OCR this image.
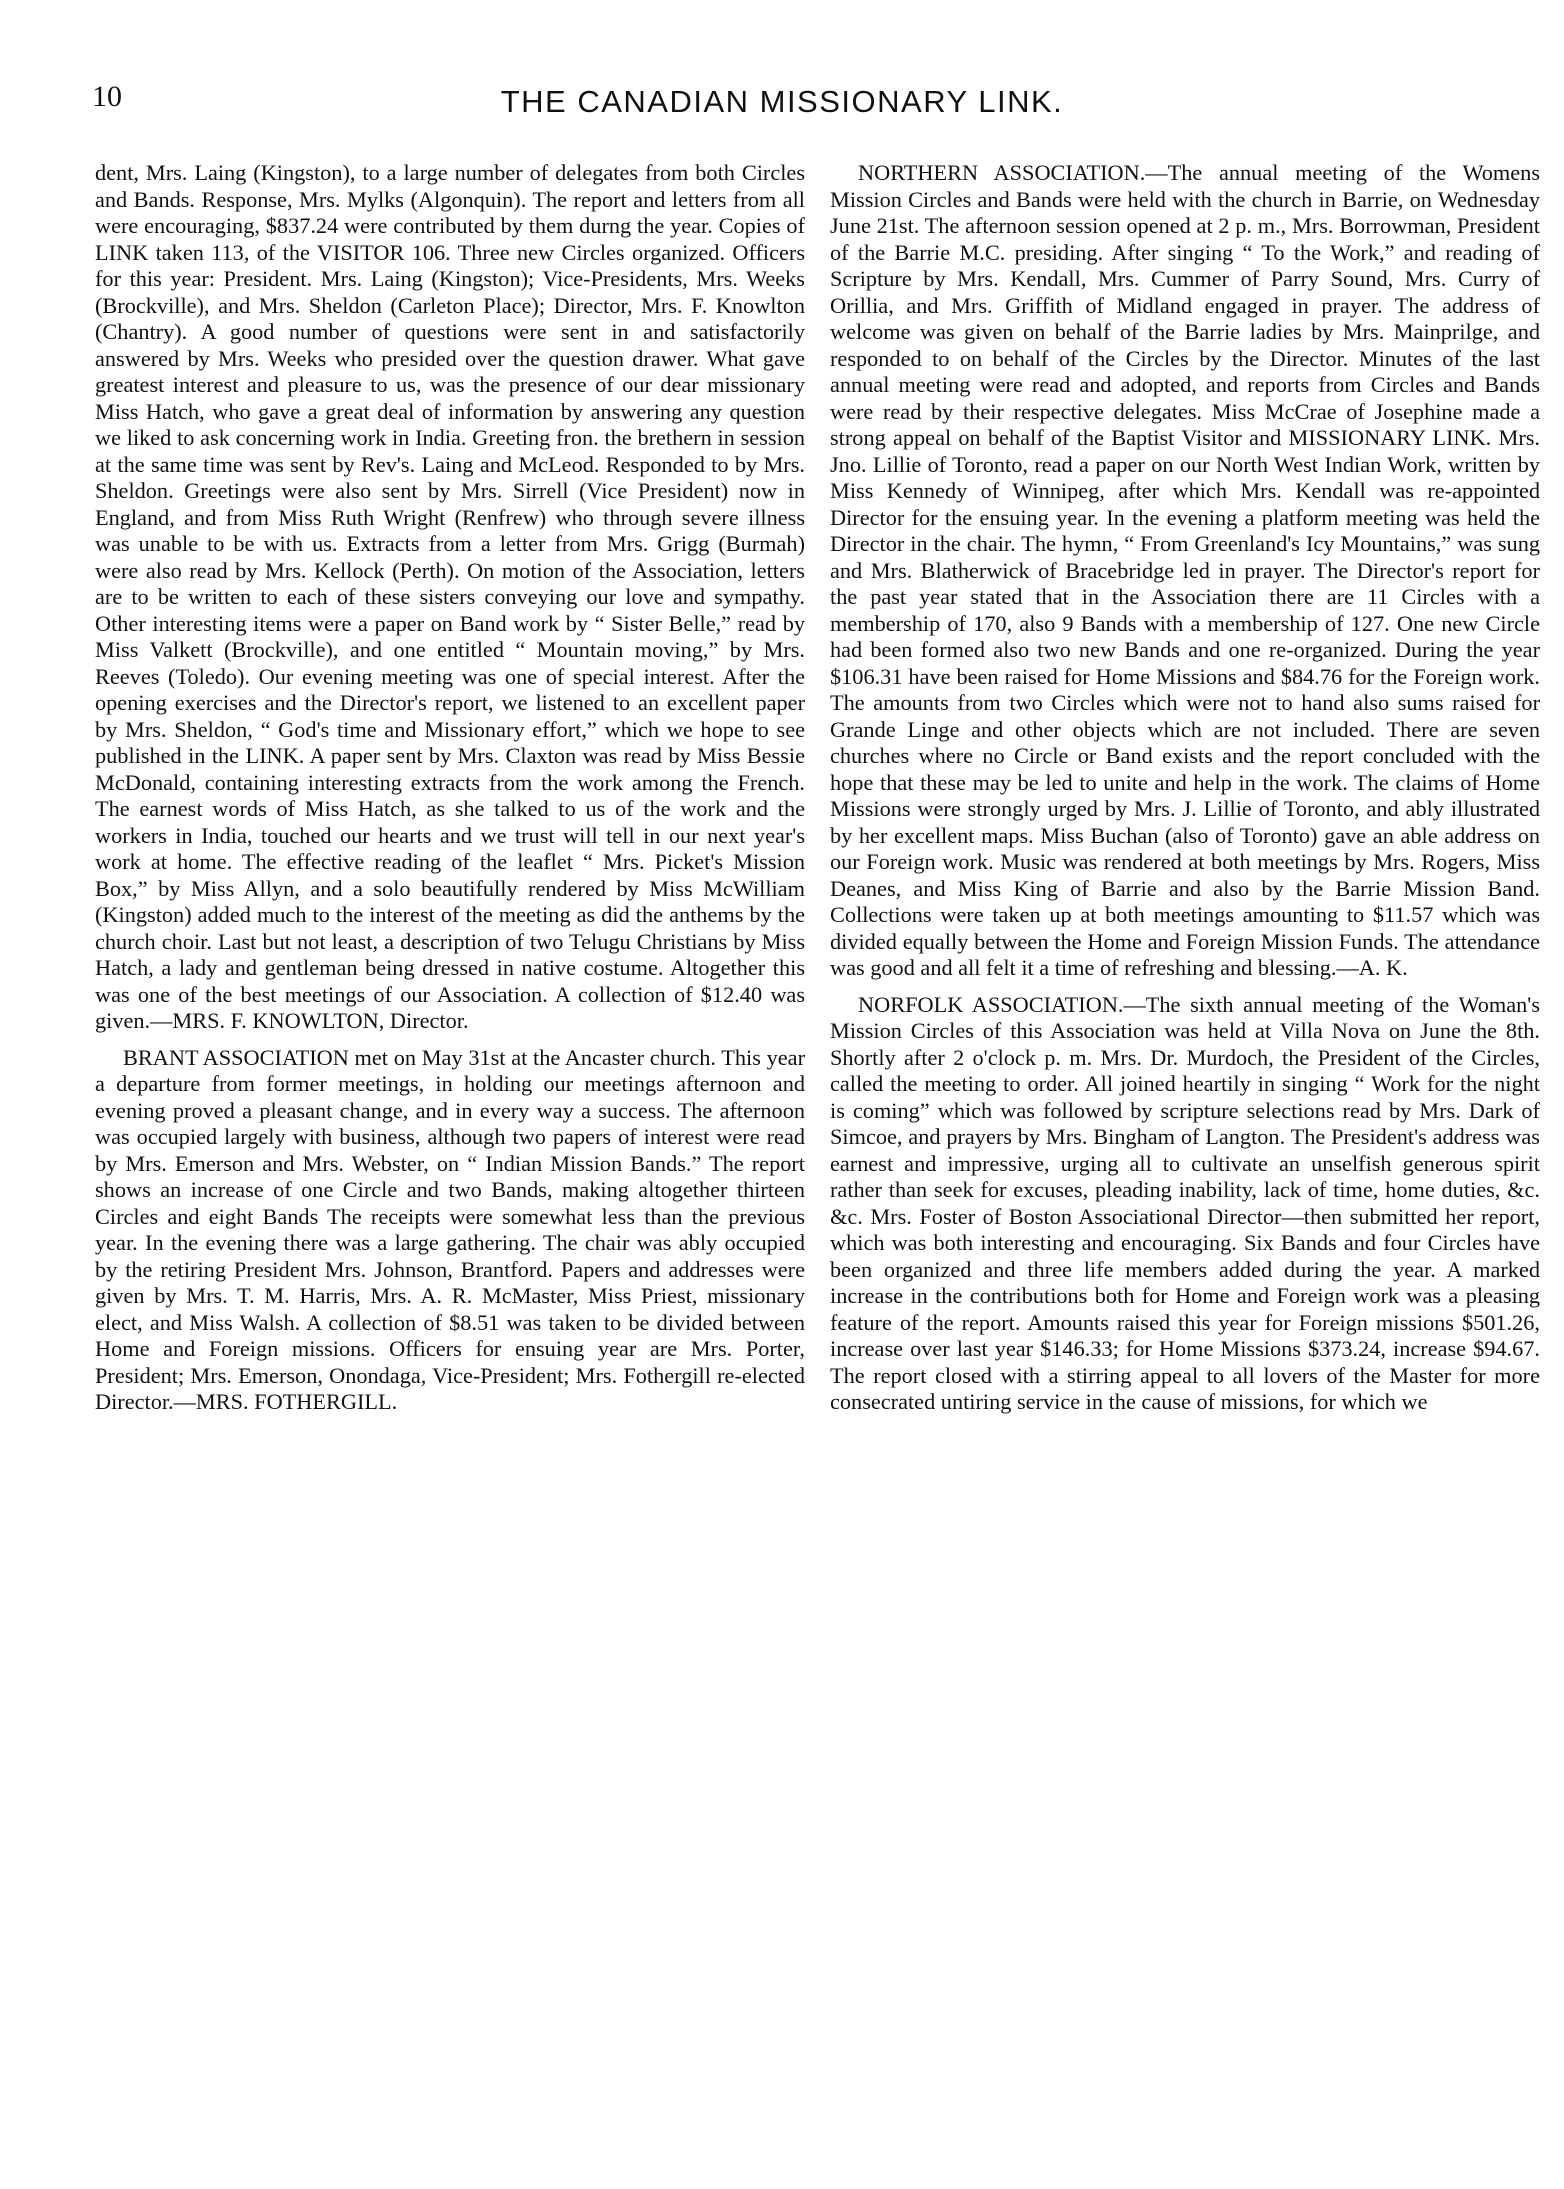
10	THE CANADIAN MISSIONARY LINK.

dent, Mrs. Laing (Kingston), to a large number of delegates from both Circles and Bands. Response, Mrs. Mylks (Algonquin). The report and letters from all were encouraging, $837.24 were contributed by them durng the year. Copies of LINK taken 113, of the VISITOR 106. Three new Circles organized. Officers for this year: President. Mrs. Laing (Kingston); Vice-Presidents, Mrs. Weeks (Brockville), and Mrs. Sheldon (Carleton Place); Director, Mrs. F. Knowlton (Chantry). A good number of questions were sent in and satisfactorily answered by Mrs. Weeks who presided over the question drawer. What gave greatest interest and pleasure to us, was the presence of our dear missionary Miss Hatch, who gave a great deal of information by answering any question we liked to ask concerning work in India. Greeting fron. the brethern in session at the same time was sent by Rev's. Laing and McLeod. Responded to by Mrs. Sheldon. Greetings were also sent by Mrs. Sirrell (Vice President) now in England, and from Miss Ruth Wright (Renfrew) who through severe illness was unable to be with us. Extracts from a letter from Mrs. Grigg (Burmah) were also read by Mrs. Kellock (Perth). On motion of the Association, letters are to be written to each of these sisters conveying our love and sympathy. Other interesting items were a paper on Band work by “ Sister Belle,” read by Miss Valkett (Brockville), and one entitled “ Mountain moving,” by Mrs. Reeves (Toledo). Our evening meeting was one of special interest. After the opening exercises and the Director's report, we listened to an excellent paper by Mrs. Sheldon, “ God's time and Missionary effort,” which we hope to see published in the LINK. A paper sent by Mrs. Claxton was read by Miss Bessie McDonald, containing interesting extracts from the work among the French. The earnest words of Miss Hatch, as she talked to us of the work and the workers in India, touched our hearts and we trust will tell in our next year's work at home. The effective reading of the leaflet “ Mrs. Picket's Mission Box,” by Miss Allyn, and a solo beautifully rendered by Miss McWilliam (Kingston) added much to the interest of the meeting as did the anthems by the church choir. Last but not least, a description of two Telugu Christians by Miss Hatch, a lady and gentleman being dressed in native costume. Altogether this was one of the best meetings of our Association. A collection of $12.40 was given.—MRS. F. KNOWLTON, Director.

BRANT ASSOCIATION met on May 31st at the Ancaster church. This year a departure from former meetings, in holding our meetings afternoon and evening proved a pleasant change, and in every way a success. The afternoon was occupied largely with business, although two papers of interest were read by Mrs. Emerson and Mrs. Webster, on “ Indian Mission Bands.” The report shows an increase of one Circle and two Bands, making altogether thirteen Circles and eight Bands The receipts were somewhat less than the previous year. In the evening there was a large gathering. The chair was ably occupied by the retiring President Mrs. Johnson, Brantford. Papers and addresses were given by Mrs. T. M. Harris, Mrs. A. R. McMaster, Miss Priest, missionary elect, and Miss Walsh. A collection of $8.51 was taken to be divided between Home and Foreign missions. Officers for ensuing year are Mrs. Porter, President; Mrs. Emerson, Onondaga, Vice-President; Mrs. Fothergill re-elected Director.—MRS. FOTHERGILL.

NORTHERN ASSOCIATION.—The annual meeting of the Womens Mission Circles and Bands were held with the church in Barrie, on Wednesday June 21st. The afternoon session opened at 2 p. m., Mrs. Borrowman, President of the Barrie M.C. presiding. After singing “ To the Work,” and reading of Scripture by Mrs. Kendall, Mrs. Cummer of Parry Sound, Mrs. Curry of Orillia, and Mrs. Griffith of Midland engaged in prayer. The address of welcome was given on behalf of the Barrie ladies by Mrs. Mainprilge, and responded to on behalf of the Circles by the Director. Minutes of the last annual meeting were read and adopted, and reports from Circles and Bands were read by their respective delegates. Miss McCrae of Josephine made a strong appeal on behalf of the Baptist Visitor and MISSIONARY LINK. Mrs. Jno. Lillie of Toronto, read a paper on our North West Indian Work, written by Miss Kennedy of Winnipeg, after which Mrs. Kendall was re-appointed Director for the ensuing year. In the evening a platform meeting was held the Director in the chair. The hymn, “ From Greenland's Icy Mountains,” was sung and Mrs. Blatherwick of Bracebridge led in prayer. The Director's report for the past year stated that in the Association there are 11 Circles with a membership of 170, also 9 Bands with a membership of 127. One new Circle had been formed also two new Bands and one re-organized. During the year $106.31 have been raised for Home Missions and $84.76 for the Foreign work. The amounts from two Circles which were not to hand also sums raised for Grande Linge and other objects which are not included. There are seven churches where no Circle or Band exists and the report concluded with the hope that these may be led to unite and help in the work. The claims of Home Missions were strongly urged by Mrs. J. Lillie of Toronto, and ably illustrated by her excellent maps. Miss Buchan (also of Toronto) gave an able address on our Foreign work. Music was rendered at both meetings by Mrs. Rogers, Miss Deanes, and Miss King of Barrie and also by the Barrie Mission Band. Collections were taken up at both meetings amounting to $11.57 which was divided equally between the Home and Foreign Mission Funds. The attendance was good and all felt it a time of refreshing and blessing.—A. K.

NORFOLK ASSOCIATION.—The sixth annual meeting of the Woman's Mission Circles of this Association was held at Villa Nova on June the 8th. Shortly after 2 o'clock p. m. Mrs. Dr. Murdoch, the President of the Circles, called the meeting to order. All joined heartily in singing “ Work for the night is coming” which was followed by scripture selections read by Mrs. Dark of Simcoe, and prayers by Mrs. Bingham of Langton. The President's address was earnest and impressive, urging all to cultivate an unselfish generous spirit rather than seek for excuses, pleading inability, lack of time, home duties, &c. &c. Mrs. Foster of Boston Associational Director—then submitted her report, which was both interesting and encouraging. Six Bands and four Circles have been organized and three life members added during the year. A marked increase in the contributions both for Home and Foreign work was a pleasing feature of the report. Amounts raised this year for Foreign missions $501.26, increase over last year $146.33; for Home Missions $373.24, increase $94.67. The report closed with a stirring appeal to all lovers of the Master for more consecrated untiring service in the cause of missions, for which we
